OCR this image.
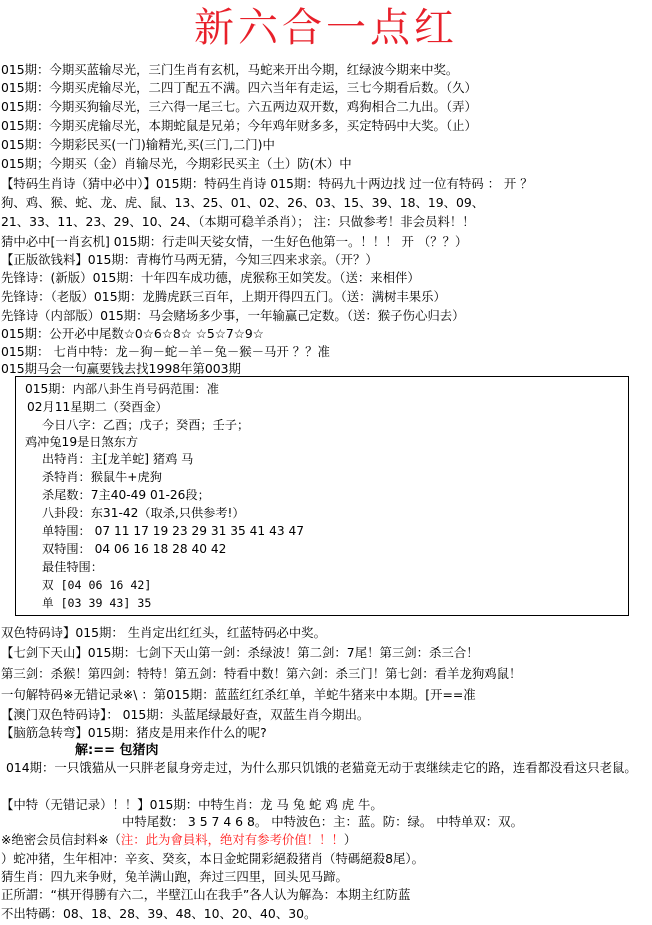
新六合一点红
015期：今期买蓝输尽光，三门生肖有玄机，马蛇来开出今期，红绿波今期来中奖。
015期：今期买虎输尽光，二四丁配五不满。四六当年有走运，三七今期看后数。（久）
015期：今期买狗输尽光，三六得一尾三七。六五两边双开数，鸡狗相合二九出。（弄）
015期：今期买虎输尽光，本期蛇鼠是兄弟；今年鸡年财多多，买定特码中大奖。（止）
015期：今期彩民买(一门)输精光,买(三门,二门)中
015期；今期买（金）肖输尽光，今期彩民买主（土）防(木）中
【特码生肖诗（猜中必中）】015期：特码生肖诗 015期：特码九十两边找 过一位有特码 ： 开 ？
狗、鸡、猴、蛇、龙、虎、鼠、13、25、01、02、26、03、15、39、18、19、09、
21、33、11、23、29、10、24、（本期可稳羊杀肖）； 注：只做参考！非会员料！！
猜中必中[一肖玄机] 015期：行走叫天娑女情，一生好色他第一。！！！ 开 （？？）
【正版欲钱料】015期：青梅竹马两无猜，今知三四来求亲。（开？）
先锋诗：(新版）015期：十年四车成功德，虎猴称王如笑发。（送：来相伴）
先锋诗：（老版）015期：龙腾虎跃三百年，上期开得四五门。（送：满树丰果乐）
先锋诗（内部版）015期：马会赌场多少事，一年输赢己定数。（送：猴子伤心归去）
015期：公开必中尾数☆0☆6☆8☆ ☆5☆7☆9☆
015期： 七肖中特：龙－狗－蛇－羊－兔－猴－马开 ？？准
015期马会一句赢要钱去找1998年第003期
015期：内部八卦生肖号码范围：准
02月11星期二（癸酉金）
今日八字：乙酉；戊子；癸酉；壬子；
鸡冲兔19是日煞东方
出特肖：主[龙羊蛇] 猪鸡 马
杀特肖：猴鼠牛+虎狗
杀尾数：7主40-49 01-26段；
八卦段：东31-42（取杀,只供参考!）
单特围： 07 11 17 19 23 29 31 35 41 43 47
双特围： 04 06 16 18 28 40 42
最佳特围：
双 [04 06 16 42]
单 [03 39 43] 35
双色特码诗】015期： 生肖定出红红头，红蓝特码必中奖。
【七剑下天山】015期：七剑下天山第一剑：杀绿波！第二剑：7尾！第三剑：杀三合！
第三剑：杀猴！第四剑：特特！第五剑：特看中数！第六剑：杀三门！第七剑：看羊龙狗鸡鼠！
一句解特码※无错记录※\ ：第015期：蓝蓝红红杀红单，羊蛇牛猪来中本期。[开==准
【澳门双色特码诗】： 015期：头蓝尾绿最好查，双蓝生肖今期出。
【脑筋急转弯】015期：猪皮是用来作什么的呢?
解:== 包猪肉
014期：一只饿猫从一只胖老鼠身旁走过，为什么那只饥饿的老猫竟无动于衷继续走它的路，连看都没看这只老鼠。
【中特（无错记录）！！】015期：中特生肖：龙 马 兔 蛇 鸡 虎 牛。
中特尾数： 3 5 7 4 6 8。 中特波色：主：蓝。防：绿。 中特单双：双。
※绝密会员信封料※（注：此为會員料，绝对有参考价值！！！）
）蛇冲猪，生年相冲：辛亥、癸亥，本日金蛇開彩絕殺猪肖（特碼絕殺8尾）。
猜生肖：四九来争财，兔羊满山跑，奔过三四里，回头见马蹄。
正所謂：“棋开得勝有六二，半壁江山在我手”各人认为解為：本期主红防蓝
不出特碼：08、18、28、39、48、10、20、40、30。
